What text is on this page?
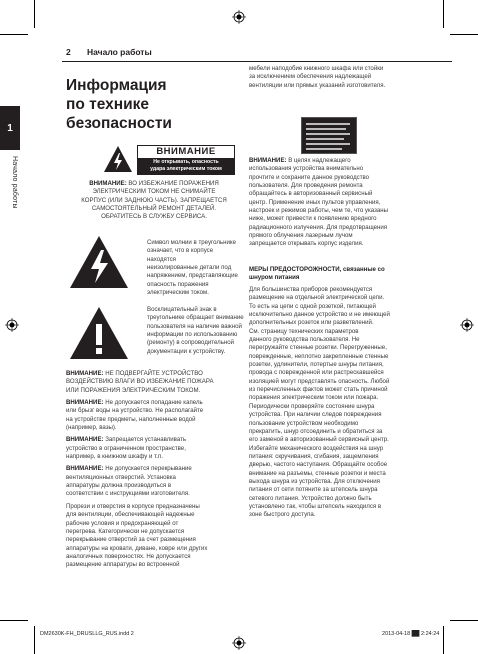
1
Начало работы
2 Начало работы
Информация
по технике
безопасности
ВНИМАНИЕ
Не открывать, опасность
удара электрическим током
ВНИМАНИЕ: ВО ИЗБЕЖАНИЕ ПОРАЖЕНИЯ
ЭЛЕКТРИЧЕСКИМ ТОКОМ НЕ СНИМАЙТЕ
КОРПУС (ИЛИ ЗАДНЮЮ ЧАСТЬ). ЗАПРЕЩАЕТСЯ
САМОСТОЯТЕЛЬНЫЙ РЕМОНТ ДЕТАЛЕЙ.
ОБРАТИТЕСЬ В СЛУЖБУ СЕРВИСА.
Символ молнии в треугольнике
означает, что в корпусе находятся
неизолированные детали под
напряжением, представляющие
опасность поражения
электрическим током.
Восклицательный знак в
треугольнике обращает внимание
пользователя на наличие важной
информации по использованию
(ремонту) в сопроводительной
документации к устройству.

ВНИМАНИЕ: НЕ ПОДВЕРГАЙТЕ УСТРОЙСТВО
ВОЗДЕЙСТВИЮ ВЛАГИ ВО ИЗБЕЖАНИЕ ПОЖАРА
ИЛИ ПОРАЖЕНИЯ ЭЛЕКТРИЧЕСКИМ ТОКОМ.

ВНИМАНИЕ: Не допускается попадание капель
или брызг воды на устройство. Не располагайте
на устройстве предметы, наполненные водой
(например, вазы).

ВНИМАНИЕ: Запрещается устанавливать
устройство в ограниченном пространстве,
например, в книжном шкафу и т.п.

ВНИМАНИЕ: Не допускается перекрывание
вентиляционных отверстий. Установка
аппаратуры должна производиться в
соответствии с инструкциями изготовителя.

Прорези и отверстия в корпусе предназначены
для вентиляции, обеспечивающей надежные
рабочие условия и предохраняющей от
перегрева. Категорически не допускается
перекрывание отверстий за счет размещения
аппаратуры на кровати, диване, ковре или других
аналогичных поверхностях. Не допускается
размещение аппаратуры во встроенной

мебели наподобие книжного шкафа или стойки
за исключением обеспечения надлежащей
вентиляции или прямых указаний изготовителя.
ВНИМАНИЕ: В целях надлежащего
использования устройства внимательно
прочтите и сохраните данное руководство
пользователя. Для проведения ремонта
обращайтесь в авторизованный сервисный
центр. Применение иных пультов управления,
настроек и режимов работы, чем те, что указаны
ниже, может привести к появлению вредного
радиационного излучения. Для предотвращения
прямого облучения лазерным лучом
запрещается открывать корпус изделия.
МЕРЫ ПРЕДОСТОРОЖНОСТИ, связанные со
шнуром питания
Для большинства приборов рекомендуется
размещение на отдельной электрической цепи.
То есть на цепи с одной розеткой, питающей
исключительно данное устройство и не имеющей
дополнительных розеток или разветвлений.
См. страницу технических параметров
данного руководства пользователя. Не
перегружайте стенные розетки. Перегруженные,
поврежденные, неплотно закрепленные стенные
розетки, удлинители, потертые шнуры питания,
провода с поврежденной или растрескавшейся
изоляцией могут представлять опасность. Любой
из перечисленных фактов может стать причиной
поражения электрическим током или пожара.
Периодически проверяйте состояние шнура
устройства. При наличии следов повреждения
пользование устройством необходимо
прекратить, шнур отсоединить и обратиться за
его заменой в авторизованный сервисный центр.
Избегайте механического воздействия на шнур
питания: скручивания, сгибания, защемления
дверью, частого наступания. Обращайте особое
внимание на разъемы, стенные розетки и места
выхода шнура из устройства. Для отключения
питания от сети потяните за штепсель шнура
сетевого питания. Устройство должно быть
установлено так, чтобы штепсель находился в
зоне быстрого доступа.
DM2630K-FH_DRUSLLG_RUS.indd 2	2013-04-18 ██ 2:24:24
